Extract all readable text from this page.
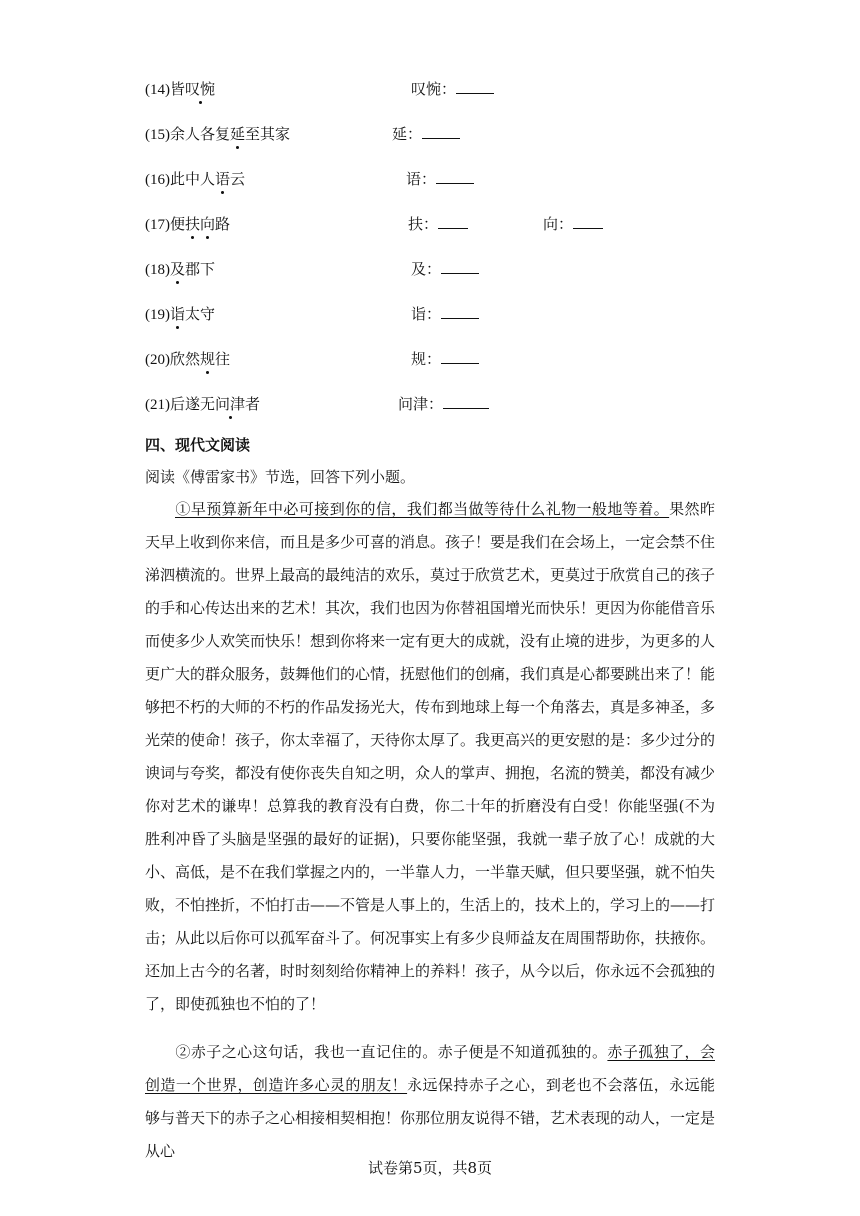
(14)皆叹惋	叹惋：
(15)余人各复延至其家	延：
(16)此中人语云	语：
(17)便扶向路	扶：	向：
(18)及郡下	及：
(19)诣太守	诣：
(20)欣然规往	规：
(21)后遂无问津者	问津：
四、现代文阅读
阅读《傅雷家书》节选，回答下列小题。
①早预算新年中必可接到你的信，我们都当做等待什么礼物一般地等着。果然昨天早上收到你来信，而且是多少可喜的消息。孩子！要是我们在会场上，一定会禁不住涕泗横流的。世界上最高的最纯洁的欢乐，莫过于欣赏艺术，更莫过于欣赏自己的孩子的手和心传达出来的艺术！其次，我们也因为你替祖国增光而快乐！更因为你能借音乐而使多少人欢笑而快乐！想到你将来一定有更大的成就，没有止境的进步，为更多的人更广大的群众服务，鼓舞他们的心情，抚慰他们的创痛，我们真是心都要跳出来了！能够把不朽的大师的不朽的作品发扬光大，传布到地球上每一个角落去，真是多神圣，多光荣的使命！孩子，你太幸福了，天待你太厚了。我更高兴的更安慰的是：多少过分的谀词与夸奖，都没有使你丧失自知之明，众人的掌声、拥抱，名流的赞美，都没有减少你对艺术的谦卑！总算我的教育没有白费，你二十年的折磨没有白受！你能坚强(不为胜利冲昏了头脑是坚强的最好的证据)，只要你能坚强，我就一辈子放了心！成就的大小、高低，是不在我们掌握之内的，一半靠人力，一半靠天赋，但只要坚强，就不怕失败，不怕挫折，不怕打击——不管是人事上的，生活上的，技术上的，学习上的——打击；从此以后你可以孤军奋斗了。何况事实上有多少良师益友在周围帮助你，扶掖你。 还加上古今的名著，时时刻刻给你精神上的养料！孩子，从今以后，你永远不会孤独的了，即使孤独也不怕的了！
②赤子之心这句话，我也一直记住的。赤子便是不知道孤独的。赤子孤独了，会创造一个世界，创造许多心灵的朋友！永远保持赤子之心，到老也不会落伍，永远能够与普天下的赤子之心相接相契相抱！你那位朋友说得不错，艺术表现的动人，一定是从心
试卷第5页，共8页
